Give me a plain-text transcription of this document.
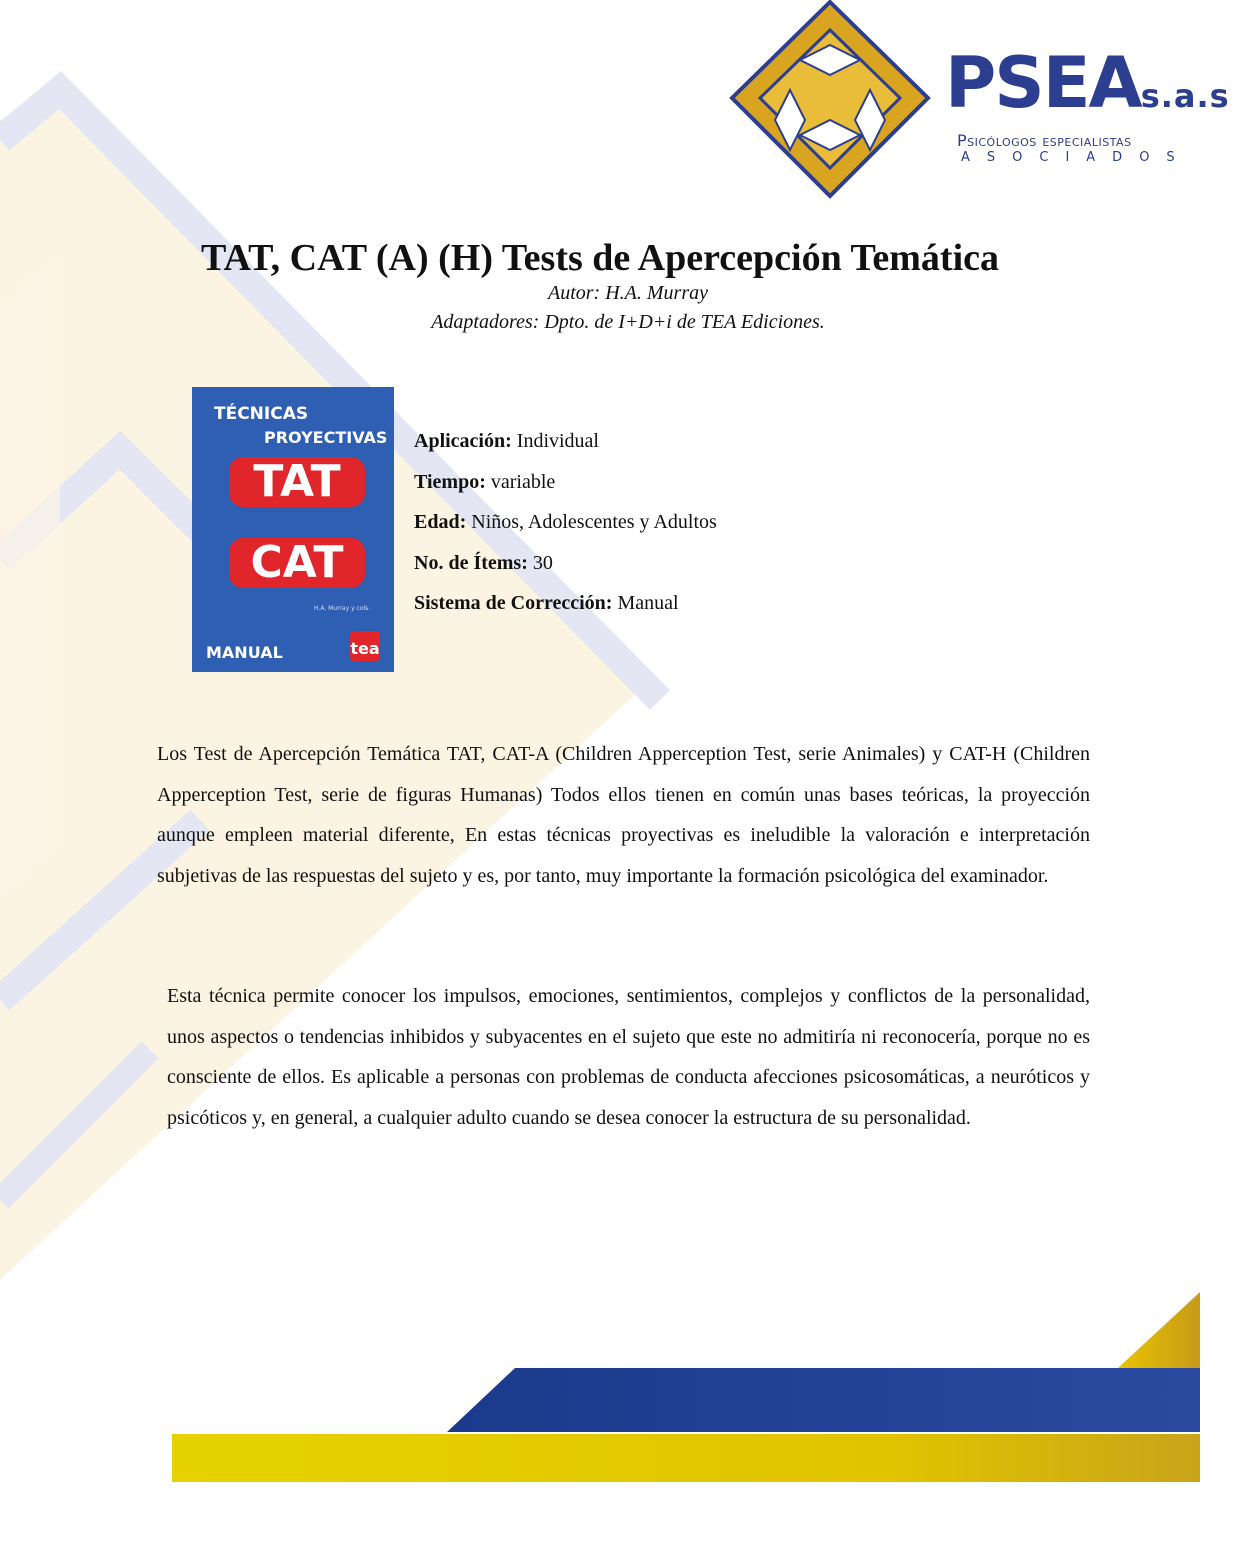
PSEAs.a.s
Psicólogos especialistas
ASOCIADOS
TAT, CAT (A) (H) Tests de Apercepción Temática

Autor: H.A. Murray

Adaptadores: Dpto. de I+D+i de TEA Ediciones.

TÉCNICAS
PROYECTIVAS
TAT
CAT
H.A. Murray y cols.
MANUAL	tea
Aplicación: Individual
Tiempo: variable
Edad: Niños, Adolescentes y Adultos
No. de Ítems: 30
Sistema de Corrección: Manual

Los Test de Apercepción Temática TAT, CAT-A (Children Apperception Test, serie Animales) y CAT-H (Children Apperception Test, serie de figuras Humanas) Todos ellos tienen en común unas bases teóricas, la proyección aunque empleen material diferente, En estas técnicas proyectivas es ineludible la valoración e interpretación subjetivas de las respuestas del sujeto y es, por tanto, muy importante la formación psicológica del examinador.

Esta técnica permite conocer los impulsos, emociones, sentimientos, complejos y conflictos de la personalidad, unos aspectos o tendencias inhibidos y subyacentes en el sujeto que este no admitiría ni reconocería, porque no es consciente de ellos. Es aplicable a personas con problemas de conducta afecciones psicosomáticas, a neuróticos y psicóticos y, en general, a cualquier adulto cuando se desea conocer la estructura de su personalidad.
